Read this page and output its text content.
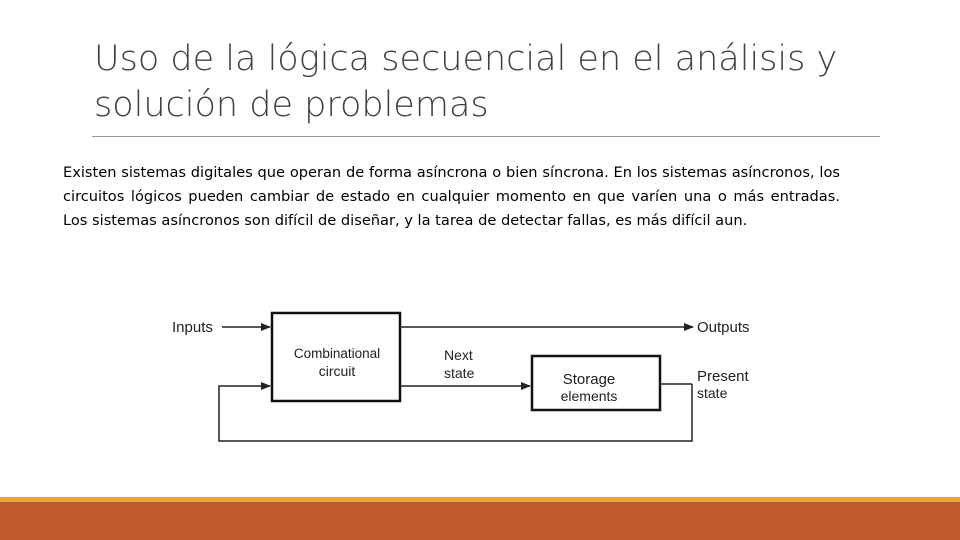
Uso de la lógica secuencial en el análisis y
solución de problemas

Existen sistemas digitales que operan de forma asíncrona o bien síncrona. En los sistemas asíncronos, los circuitos lógicos pueden cambiar de estado en cualquier momento en que varíen una o más entradas. Los sistemas asíncronos son difícil de diseñar, y la tarea de detectar fallas, es más difícil aun.

Inputs
Combinational
circuit
Outputs
Next
state	Storage
elements
Present
state
